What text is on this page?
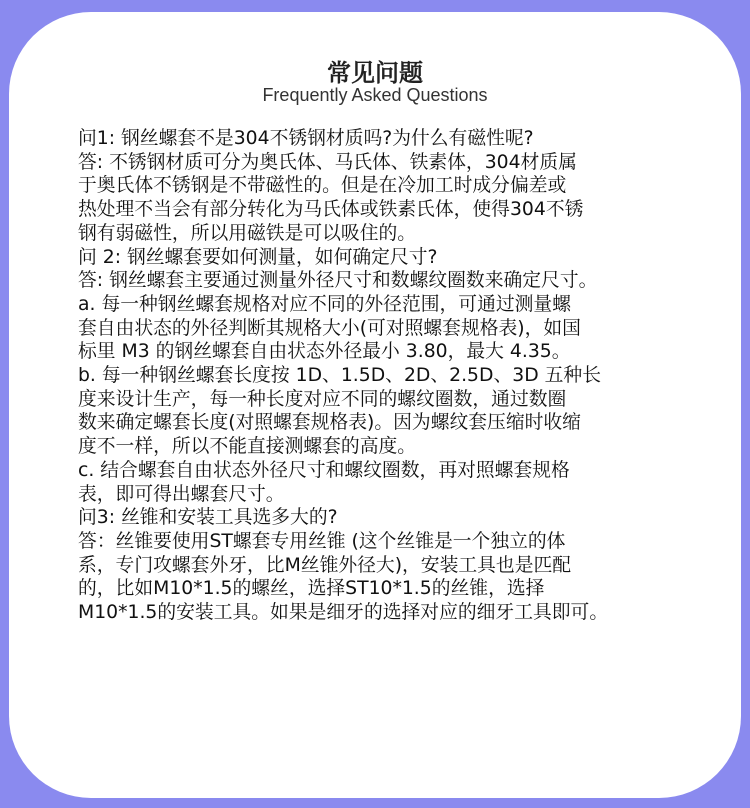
常见问题
Frequently Asked Questions
问1: 钢丝螺套不是304不锈钢材质吗?为什么有磁性呢?
答: 不锈钢材质可分为奥氏体、马氏体、铁素体，304材质属
于奥氏体不锈钢是不带磁性的。但是在冷加工时成分偏差或
热处理不当会有部分转化为马氏体或铁素氏体，使得304不锈
钢有弱磁性，所以用磁铁是可以吸住的。
问 2: 钢丝螺套要如何测量，如何确定尺寸?
答: 钢丝螺套主要通过测量外径尺寸和数螺纹圈数来确定尺寸。
a. 每一种钢丝螺套规格对应不同的外径范围，可通过测量螺
套自由状态的外径判断其规格大小(可对照螺套规格表)，如国
标里 M3 的钢丝螺套自由状态外径最小 3.80，最大 4.35。
b. 每一种钢丝螺套长度按 1D、1.5D、2D、2.5D、3D 五种长
度来设计生产，每一种长度对应不同的螺纹圈数，通过数圈
数来确定螺套长度(对照螺套规格表)。因为螺纹套压缩时收缩
度不一样，所以不能直接测螺套的高度。
c. 结合螺套自由状态外径尺寸和螺纹圈数，再对照螺套规格
表，即可得出螺套尺寸。
问3: 丝锥和安装工具选多大的?
答：丝锥要使用ST螺套专用丝锥 (这个丝锥是一个独立的体
系，专门攻螺套外牙，比M丝锥外径大)，安装工具也是匹配
的，比如M10*1.5的螺丝，选择ST10*1.5的丝锥，选择
M10*1.5的安装工具。如果是细牙的选择对应的细牙工具即可。
